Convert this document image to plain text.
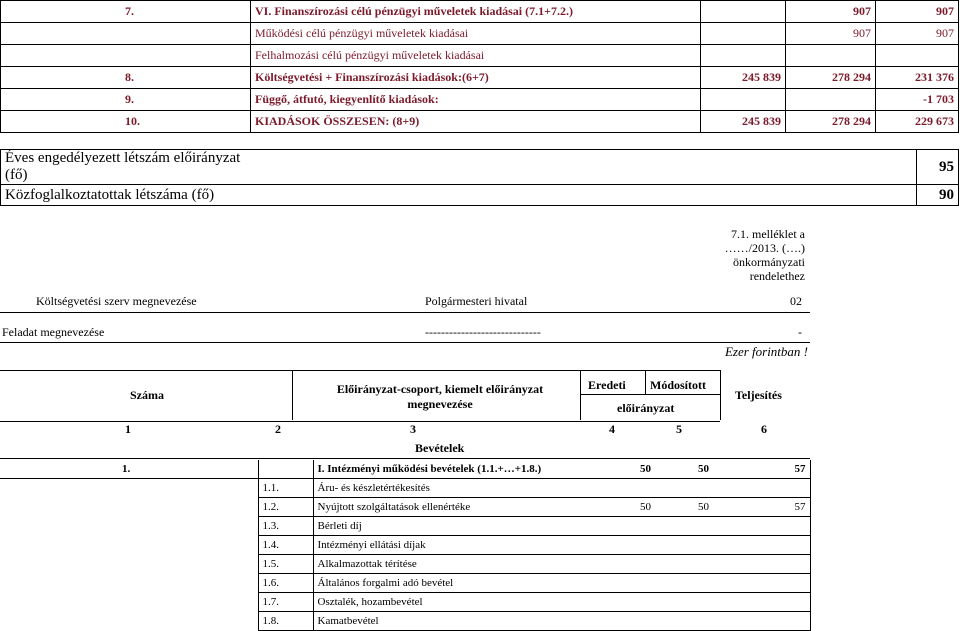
7.	VI. Finanszírozási célú pénzügyi műveletek kiadásai (7.1+7.2.)		907	907
	Működési célú pénzügyi műveletek kiadásai		907	907
	Felhalmozási célú pénzügyi műveletek kiadásai			
8.	Költségvetési + Finanszírozási kiadások:(6+7)	245 839	278 294	231 376
9.	Függő, átfutó, kiegyenlítő kiadások:			-1 703
10.	KIADÁSOK ÖSSZESEN: (8+9)	245 839	278 294	229 673
Éves engedélyezett létszám előirányzat (fő)	95
Közfoglalkoztatottak létszáma (fő)	90
7.1. melléklet a
……/2013. (….)
önkormányzati
rendelethez
Költségvetési szerv megnevezése	Polgármesteri hivatal	02
Feladat megnevezése	-----------------------------	-
Ezer forintban !
Száma	Előirányzat-csoport, kiemelt előirányzat megnevezése
Eredeti Módosított
előirányzat
Teljesítés
1	2	3	4	5	6
Bevételek
1.		I. Intézményi működési bevételek (1.1.+…+1.8.)	50	50	57
	1.1.	Áru- és készletértékesítés			
	1.2.	Nyújtott szolgáltatások ellenértéke	50	50	57
	1.3.	Bérleti díj			
	1.4.	Intézményi ellátási díjak			
	1.5.	Alkalmazottak térítése			
	1.6.	Általános forgalmi adó bevétel			
	1.7.	Osztalék, hozambevétel			
	1.8.	Kamatbevétel			
